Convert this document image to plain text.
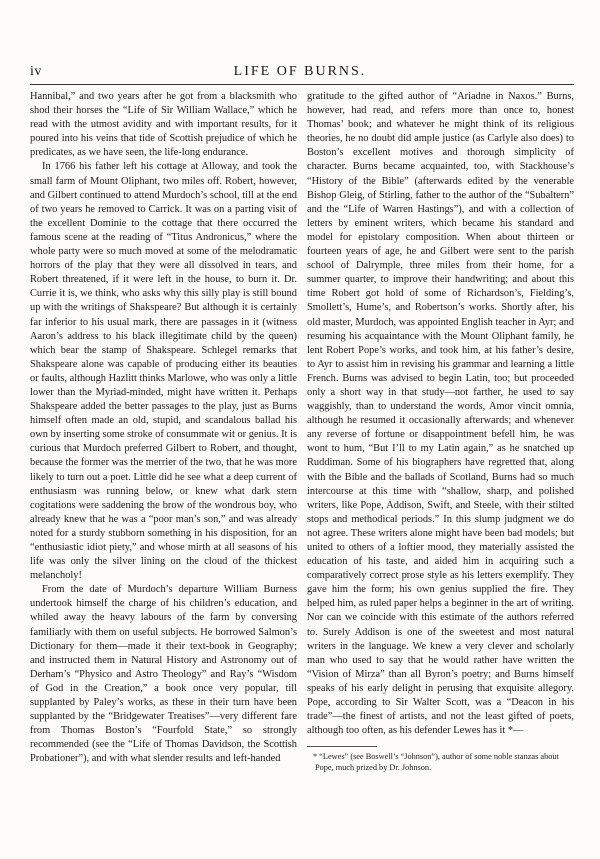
iv	LIFE OF BURNS.

Hannibal,” and two years after he got from a blacksmith who shod their horses the “Life of Sir William Wallace,” which he read with the utmost avidity and with important results, for it poured into his veins that tide of Scottish prejudice of which he predicates, as we have seen, the life-long endurance.

In 1766 his father left his cottage at Alloway, and took the small farm of Mount Oliphant, two miles off. Robert, however, and Gilbert continued to attend Murdoch’s school, till at the end of two years he removed to Carrick. It was on a parting visit of the excellent Dominie to the cottage that there occurred the famous scene at the reading of “Titus Andronicus,” where the whole party were so much moved at some of the melodramatic horrors of the play that they were all dissolved in tears, and Robert threatened, if it were left in the house, to burn it. Dr. Currie it is, we think, who asks why this silly play is still bound up with the writings of Shakspeare? But although it is certainly far inferior to his usual mark, there are passages in it (witness Aaron’s address to his black illegitimate child by the queen) which bear the stamp of Shakspeare. Schlegel remarks that Shakspeare alone was capable of producing either its beauties or faults, although Hazlitt thinks Marlowe, who was only a little lower than the Myriad-minded, might have written it. Perhaps Shakspeare added the better passages to the play, just as Burns himself often made an old, stupid, and scandalous ballad his own by inserting some stroke of consummate wit or genius. It is curious that Murdoch preferred Gilbert to Robert, and thought, because the former was the merrier of the two, that he was more likely to turn out a poet. Little did he see what a deep current of enthusiasm was running below, or knew what dark stern cogitations were saddening the brow of the wondrous boy, who already knew that he was a “poor man’s son,” and was already noted for a sturdy stubborn something in his disposition, for an “enthusiastic idiot piety,” and whose mirth at all seasons of his life was only the silver lining on the cloud of the thickest melancholy!

From the date of Murdoch’s departure William Burness undertook himself the charge of his children’s education, and whiled away the heavy labours of the farm by conversing familiarly with them on useful subjects. He borrowed Salmon’s Dictionary for them—made it their text-book in Geography; and instructed them in Natural History and Astronomy out of Derham’s “Physico and Astro Theology” and Ray’s “Wisdom of God in the Creation,” a book once very popular, till supplanted by Paley’s works, as these in their turn have been supplanted by the “Bridgewater Treatises”—very different fare from Thomas Boston’s “Fourfold State,” so strongly recommended (see the “Life of Thomas Davidson, the Scottish Probationer”), and with what slender results and left-handed

gratitude to the gifted author of “Ariadne in Naxos.” Burns, however, had read, and refers more than once to, honest Thomas’ book; and whatever he might think of its religious theories, he no doubt did ample justice (as Carlyle also does) to Boston’s excellent motives and thorough simplicity of character. Burns became acquainted, too, with Stackhouse’s “History of the Bible” (afterwards edited by the venerable Bishop Gleig, of Stirling, father to the author of the “Subaltern” and the “Life of Warren Hastings”), and with a collection of letters by eminent writers, which became his standard and model for epistolary composition. When about thirteen or fourteen years of age, he and Gilbert were sent to the parish school of Dalrymple, three miles from their home, for a summer quarter, to improve their handwriting; and about this time Robert got hold of some of Richardson’s, Fielding’s, Smollett’s, Hume’s, and Robertson’s works. Shortly after, his old master, Murdoch, was appointed English teacher in Ayr; and resuming his acquaintance with the Mount Oliphant family, he lent Robert Pope’s works, and took him, at his father’s desire, to Ayr to assist him in revising his grammar and learning a little French. Burns was advised to begin Latin, too; but proceeded only a short way in that study—not farther, he used to say waggishly, than to understand the words, Amor vincit omnia, although he resumed it occasionally afterwards; and whenever any reverse of fortune or disappointment befell him, he was wont to hum, “But I’ll to my Latin again,” as he snatched up Ruddiman. Some of his biographers have regretted that, along with the Bible and the ballads of Scotland, Burns had so much intercourse at this time with “shallow, sharp, and polished writers, like Pope, Addison, Swift, and Steele, with their stilted stops and methodical periods.” In this slump judgment we do not agree. These writers alone might have been bad models; but united to others of a loftier mood, they materially assisted the education of his taste, and aided him in acquiring such a comparatively correct prose style as his letters exemplify. They gave him the form; his own genius supplied the fire. They helped him, as ruled paper helps a beginner in the art of writing. Nor can we coincide with this estimate of the authors referred to. Surely Addison is one of the sweetest and most natural writers in the language. We knew a very clever and scholarly man who used to say that he would rather have written the “Vision of Mirza” than all Byron’s poetry; and Burns himself speaks of his early delight in perusing that exquisite allegory. Pope, according to Sir Walter Scott, was a “Deacon in his trade”—the finest of artists, and not the least gifted of poets, although too often, as his defender Lewes has it *—

* “Lewes” (see Boswell’s “Johnson”), author of some noble stanzas about Pope, much prized by Dr. Johnson.
